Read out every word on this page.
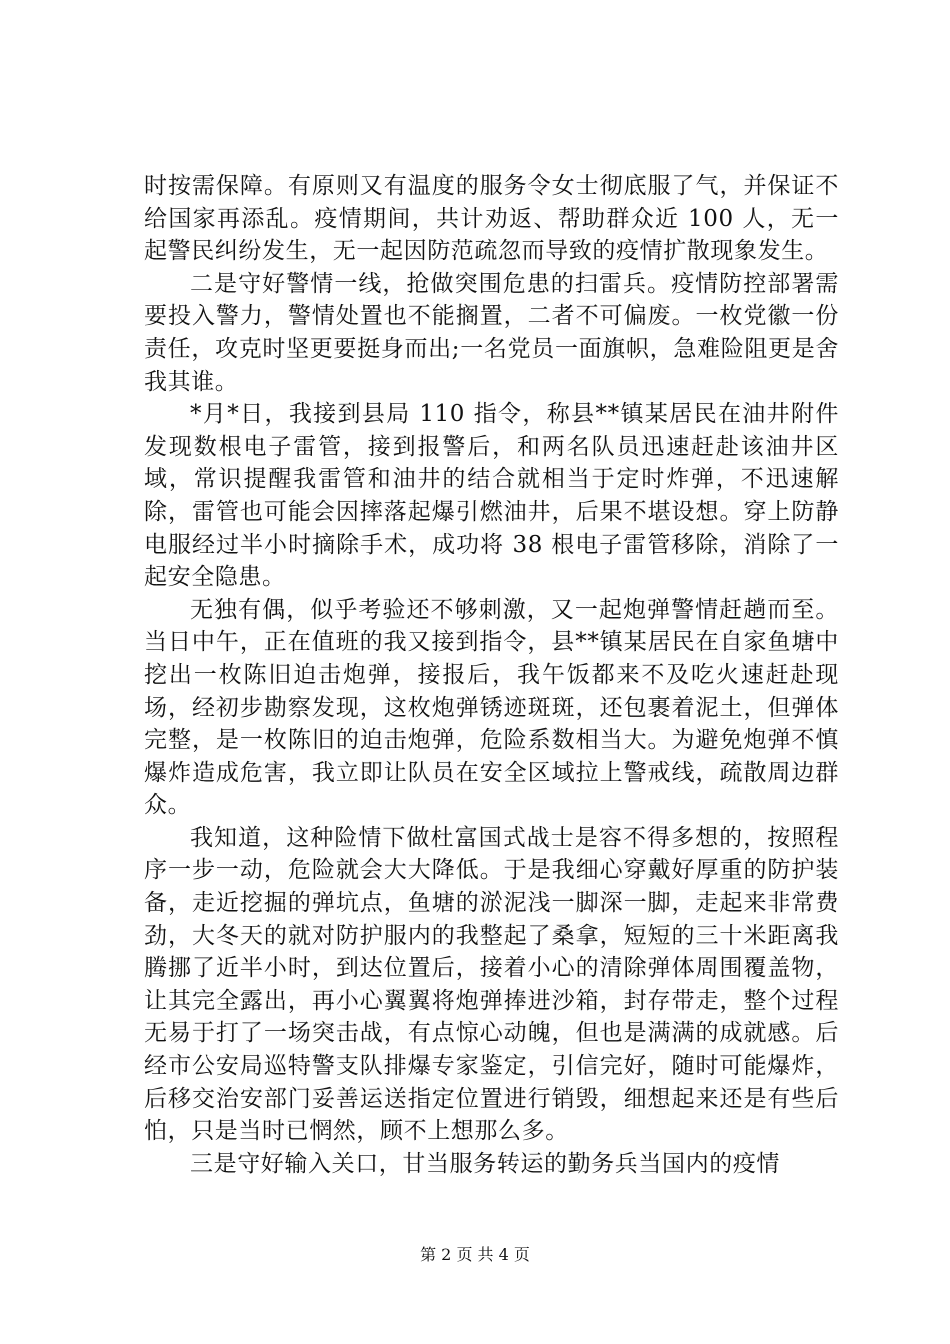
时按需保障。有原则又有温度的服务令女士彻底服了气，并保证不给国家再添乱。疫情期间，共计劝返、帮助群众近 100 人，无一起警民纠纷发生，无一起因防范疏忽而导致的疫情扩散现象发生。

二是守好警情一线，抢做突围危患的扫雷兵。疫情防控部署需要投入警力，警情处置也不能搁置，二者不可偏废。一枚党徽一份责任，攻克时坚更要挺身而出;一名党员一面旗帜，急难险阻更是舍我其谁。

*月*日，我接到县局 110 指令，称县**镇某居民在油井附件发现数根电子雷管，接到报警后，和两名队员迅速赶赴该油井区域，常识提醒我雷管和油井的结合就相当于定时炸弹，不迅速解除，雷管也可能会因摔落起爆引燃油井，后果不堪设想。穿上防静电服经过半小时摘除手术，成功将 38 根电子雷管移除，消除了一起安全隐患。

无独有偶，似乎考验还不够刺激，又一起炮弹警情赶趟而至。当日中午，正在值班的我又接到指令，县**镇某居民在自家鱼塘中挖出一枚陈旧迫击炮弹，接报后，我午饭都来不及吃火速赶赴现场，经初步勘察发现，这枚炮弹锈迹斑斑，还包裹着泥土，但弹体完整，是一枚陈旧的迫击炮弹，危险系数相当大。为避免炮弹不慎爆炸造成危害，我立即让队员在安全区域拉上警戒线，疏散周边群众。

我知道，这种险情下做杜富国式战士是容不得多想的，按照程序一步一动，危险就会大大降低。于是我细心穿戴好厚重的防护装备，走近挖掘的弹坑点，鱼塘的淤泥浅一脚深一脚，走起来非常费劲，大冬天的就对防护服内的我整起了桑拿，短短的三十米距离我腾挪了近半小时，到达位置后，接着小心的清除弹体周围覆盖物，让其完全露出，再小心翼翼将炮弹捧进沙箱，封存带走，整个过程无易于打了一场突击战，有点惊心动魄，但也是满满的成就感。后经市公安局巡特警支队排爆专家鉴定，引信完好，随时可能爆炸，后移交治安部门妥善运送指定位置进行销毁，细想起来还是有些后怕，只是当时已惘然，顾不上想那么多。

三是守好输入关口，甘当服务转运的勤务兵当国内的疫情

第 2 页 共 4 页
